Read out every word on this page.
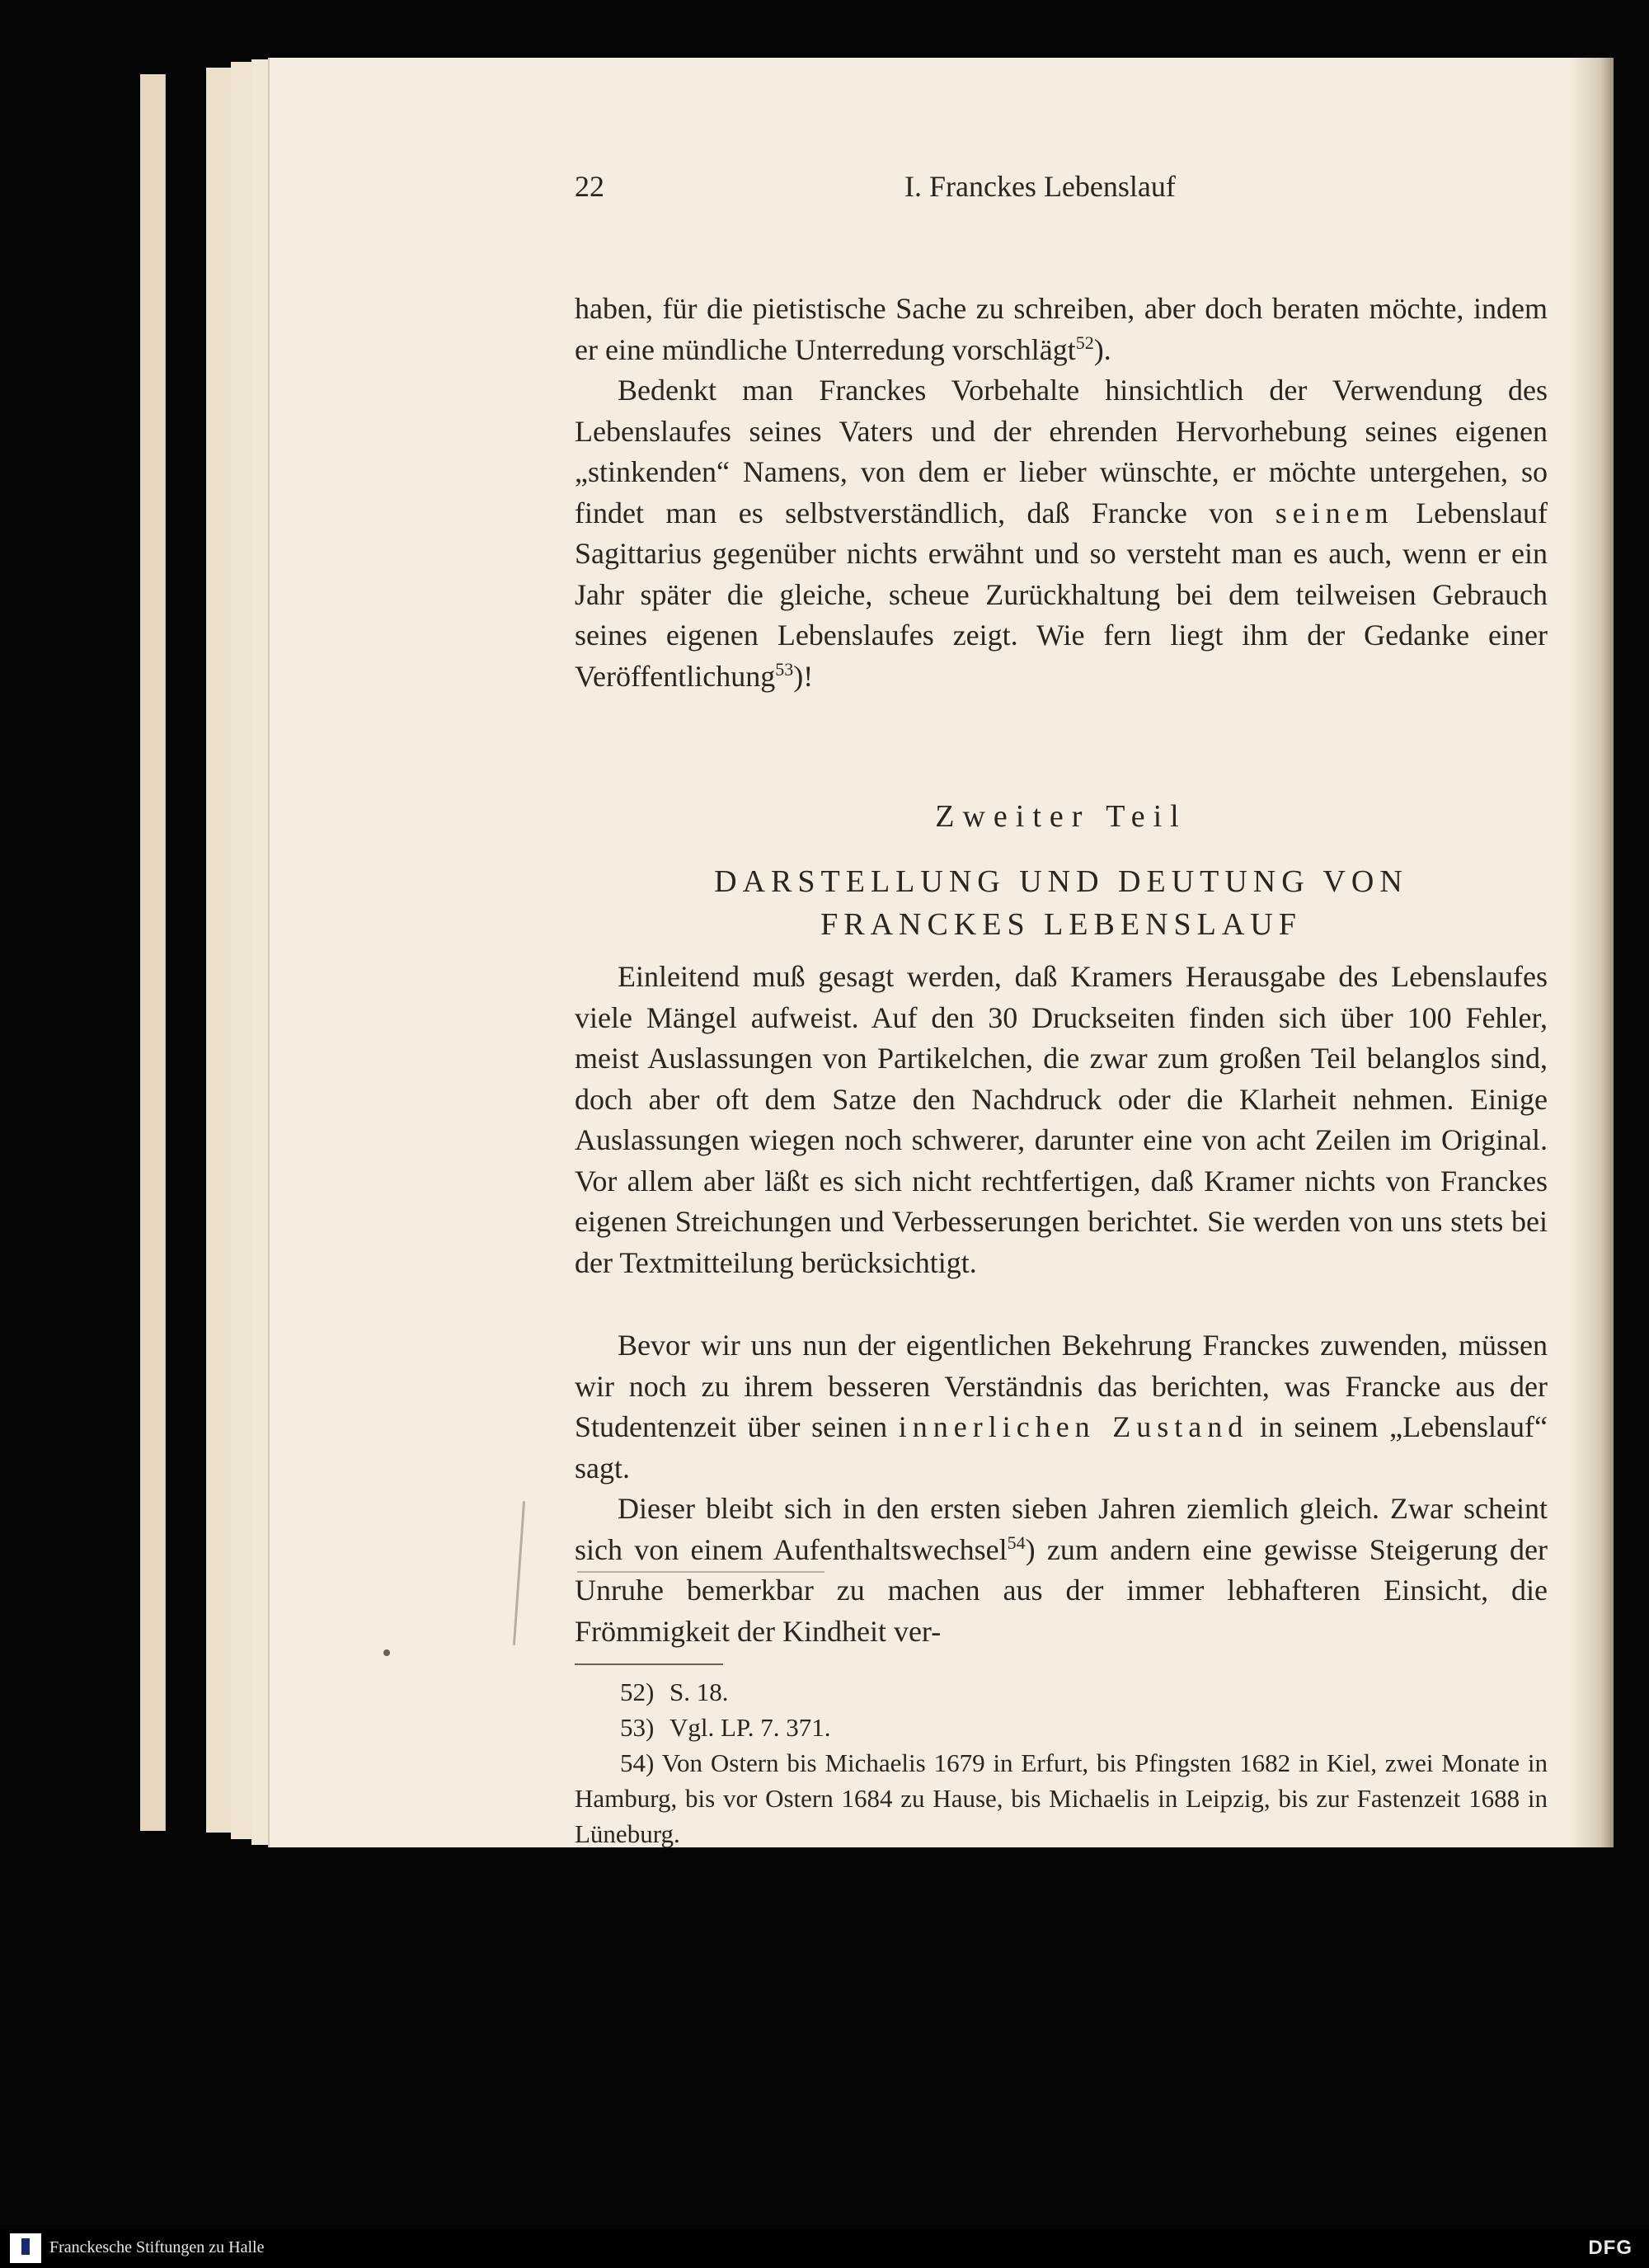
22	I. Franckes Lebenslauf
haben, für die pietistische Sache zu schreiben, aber doch beraten möchte, indem er eine mündliche Unterredung vorschlägt$^{52}$).
Bedenkt man Franckes Vorbehalte hinsichtlich der Verwendung des Lebenslaufes seines Vaters und der ehrenden Hervorhebung seines eigenen „stinkenden“ Namens, von dem er lieber wünschte, er möchte untergehen, so findet man es selbstverständlich, daß Francke von seinem Lebenslauf Sagittarius gegenüber nichts erwähnt und so versteht man es auch, wenn er ein Jahr später die gleiche, scheue Zurückhaltung bei dem teilweisen Gebrauch seines eigenen Lebenslaufes zeigt. Wie fern liegt ihm der Gedanke einer Veröffentlichung$^{53}$)!
Zweiter Teil
DARSTELLUNG UND DEUTUNG VON
FRANCKES LEBENSLAUF
Einleitend muß gesagt werden, daß Kramers Herausgabe des Lebenslaufes viele Mängel aufweist. Auf den 30 Druckseiten finden sich über 100 Fehler, meist Auslassungen von Partikelchen, die zwar zum großen Teil belanglos sind, doch aber oft dem Satze den Nachdruck oder die Klarheit nehmen. Einige Auslassungen wiegen noch schwerer, darunter eine von acht Zeilen im Original. Vor allem aber läßt es sich nicht rechtfertigen, daß Kramer nichts von Franckes eigenen Streichungen und Verbesserungen berichtet. Sie werden von uns stets bei der Textmitteilung berücksichtigt.
Bevor wir uns nun der eigentlichen Bekehrung Franckes zuwenden, müssen wir noch zu ihrem besseren Verständnis das berichten, was Francke aus der Studentenzeit über seinen innerlichen Zustand in seinem „Lebenslauf“ sagt.
Dieser bleibt sich in den ersten sieben Jahren ziemlich gleich. Zwar scheint sich von einem Aufenthaltswechsel$^{54}$) zum andern eine gewisse Steigerung der Unruhe bemerkbar zu machen aus der immer lebhafteren Einsicht, die Frömmigkeit der Kindheit ver-
52) S. 18.
53) Vgl. LP. 7. 371.
54) Von Ostern bis Michaelis 1679 in Erfurt, bis Pfingsten 1682 in Kiel, zwei Monate in Hamburg, bis vor Ostern 1684 zu Hause, bis Michaelis in Leipzig, bis zur Fastenzeit 1688 in Lüneburg.
Franckesche Stiftungen zu Halle	DFG
